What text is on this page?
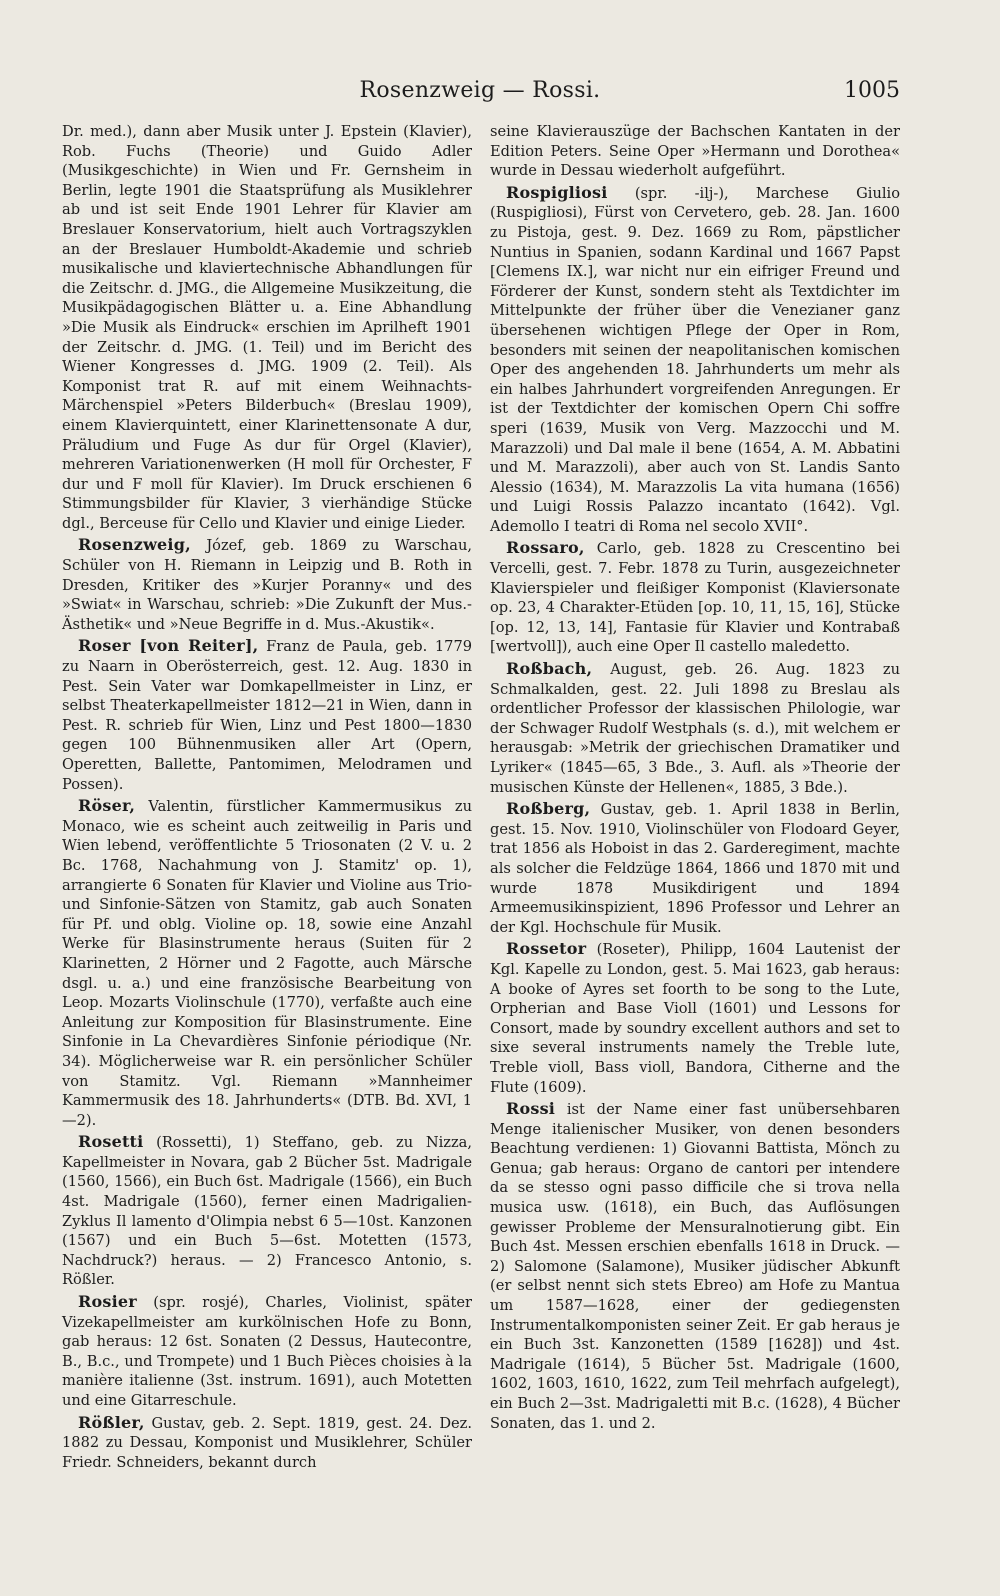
Rosenzweig — Rossi.	1005

Dr. med.), dann aber Musik unter J. Epstein (Klavier), Rob. Fuchs (Theorie) und Guido Adler (Musikgeschichte) in Wien und Fr. Gernsheim in Berlin, legte 1901 die Staatsprüfung als Musiklehrer ab und ist seit Ende 1901 Lehrer für Klavier am Breslauer Konservatorium, hielt auch Vortragszyklen an der Breslauer Humboldt-Akademie und schrieb musikalische und klaviertechnische Abhandlungen für die Zeitschr. d. JMG., die Allgemeine Musikzeitung, die Musikpädagogischen Blätter u. a. Eine Abhandlung »Die Musik als Eindruck« erschien im Aprilheft 1901 der Zeitschr. d. JMG. (1. Teil) und im Bericht des Wiener Kongresses d. JMG. 1909 (2. Teil). Als Komponist trat R. auf mit einem Weihnachts-Märchenspiel »Peters Bilderbuch« (Breslau 1909), einem Klavierquintett, einer Klarinettensonate A dur, Präludium und Fuge As dur für Orgel (Klavier), mehreren Variationenwerken (H moll für Orchester, F dur und F moll für Klavier). Im Druck erschienen 6 Stimmungsbilder für Klavier, 3 vierhändige Stücke dgl., Berceuse für Cello und Klavier und einige Lieder.

Rosenzweig, Józef, geb. 1869 zu Warschau, Schüler von H. Riemann in Leipzig und B. Roth in Dresden, Kritiker des »Kurjer Poranny« und des »Swiat« in Warschau, schrieb: »Die Zukunft der Mus.-Ästhetik« und »Neue Begriffe in d. Mus.-Akustik«.

Roser [von Reiter], Franz de Paula, geb. 1779 zu Naarn in Oberösterreich, gest. 12. Aug. 1830 in Pest. Sein Vater war Domkapellmeister in Linz, er selbst Theaterkapellmeister 1812—21 in Wien, dann in Pest. R. schrieb für Wien, Linz und Pest 1800—1830 gegen 100 Bühnenmusiken aller Art (Opern, Operetten, Ballette, Pantomimen, Melodramen und Possen).

Röser, Valentin, fürstlicher Kammermusikus zu Monaco, wie es scheint auch zeitweilig in Paris und Wien lebend, veröffentlichte 5 Triosonaten (2 V. u. 2 Bc. 1768, Nachahmung von J. Stamitz' op. 1), arrangierte 6 Sonaten für Klavier und Violine aus Trio- und Sinfonie-Sätzen von Stamitz, gab auch Sonaten für Pf. und oblg. Violine op. 18, sowie eine Anzahl Werke für Blasinstrumente heraus (Suiten für 2 Klarinetten, 2 Hörner und 2 Fagotte, auch Märsche dsgl. u. a.) und eine französische Bearbeitung von Leop. Mozarts Violinschule (1770), verfaßte auch eine Anleitung zur Komposition für Blasinstrumente. Eine Sinfonie in La Chevardières Sinfonie périodique (Nr. 34). Möglicherweise war R. ein persönlicher Schüler von Stamitz. Vgl. Riemann »Mannheimer Kammermusik des 18. Jahrhunderts« (DTB. Bd. XVI, 1—2).

Rosetti (Rossetti), 1) Steffano, geb. zu Nizza, Kapellmeister in Novara, gab 2 Bücher 5st. Madrigale (1560, 1566), ein Buch 6st. Madrigale (1566), ein Buch 4st. Madrigale (1560), ferner einen Madrigalien-Zyklus Il lamento d'Olimpia nebst 6 5—10st. Kanzonen (1567) und ein Buch 5—6st. Motetten (1573, Nachdruck?) heraus. — 2) Francesco Antonio, s. Rößler.

Rosier (spr. rosjé), Charles, Violinist, später Vizekapellmeister am kurkölnischen Hofe zu Bonn, gab heraus: 12 6st. Sonaten (2 Dessus, Hautecontre, B., B.c., und Trompete) und 1 Buch Pièces choisies à la manière italienne (3st. instrum. 1691), auch Motetten und eine Gitarreschule.

Rößler, Gustav, geb. 2. Sept. 1819, gest. 24. Dez. 1882 zu Dessau, Komponist und Musiklehrer, Schüler Friedr. Schneiders, bekannt durch

seine Klavierauszüge der Bachschen Kantaten in der Edition Peters. Seine Oper »Hermann und Dorothea« wurde in Dessau wiederholt aufgeführt.

Rospigliosi (spr. -ilj-), Marchese Giulio (Ruspigliosi), Fürst von Cervetero, geb. 28. Jan. 1600 zu Pistoja, gest. 9. Dez. 1669 zu Rom, päpstlicher Nuntius in Spanien, sodann Kardinal und 1667 Papst [Clemens IX.], war nicht nur ein eifriger Freund und Förderer der Kunst, sondern steht als Textdichter im Mittelpunkte der früher über die Venezianer ganz übersehenen wichtigen Pflege der Oper in Rom, besonders mit seinen der neapolitanischen komischen Oper des angehenden 18. Jahrhunderts um mehr als ein halbes Jahrhundert vorgreifenden Anregungen. Er ist der Textdichter der komischen Opern Chi soffre speri (1639, Musik von Verg. Mazzocchi und M. Marazzoli) und Dal male il bene (1654, A. M. Abbatini und M. Marazzoli), aber auch von St. Landis Santo Alessio (1634), M. Marazzolis La vita humana (1656) und Luigi Rossis Palazzo incantato (1642). Vgl. Ademollo I teatri di Roma nel secolo XVII°.

Rossaro, Carlo, geb. 1828 zu Crescentino bei Vercelli, gest. 7. Febr. 1878 zu Turin, ausgezeichneter Klavierspieler und fleißiger Komponist (Klaviersonate op. 23, 4 Charakter-Etüden [op. 10, 11, 15, 16], Stücke [op. 12, 13, 14], Fantasie für Klavier und Kontrabaß [wertvoll]), auch eine Oper Il castello maledetto.

Roßbach, August, geb. 26. Aug. 1823 zu Schmalkalden, gest. 22. Juli 1898 zu Breslau als ordentlicher Professor der klassischen Philologie, war der Schwager Rudolf Westphals (s. d.), mit welchem er herausgab: »Metrik der griechischen Dramatiker und Lyriker« (1845—65, 3 Bde., 3. Aufl. als »Theorie der musischen Künste der Hellenen«, 1885, 3 Bde.).

Roßberg, Gustav, geb. 1. April 1838 in Berlin, gest. 15. Nov. 1910, Violinschüler von Flodoard Geyer, trat 1856 als Hoboist in das 2. Garderegiment, machte als solcher die Feldzüge 1864, 1866 und 1870 mit und wurde 1878 Musikdirigent und 1894 Armeemusikinspizient, 1896 Professor und Lehrer an der Kgl. Hochschule für Musik.

Rossetor (Roseter), Philipp, 1604 Lautenist der Kgl. Kapelle zu London, gest. 5. Mai 1623, gab heraus: A booke of Ayres set foorth to be song to the Lute, Orpherian and Base Violl (1601) und Lessons for Consort, made by soundry excellent authors and set to sixe several instruments namely the Treble lute, Treble violl, Bass violl, Bandora, Citherne and the Flute (1609).

Rossi ist der Name einer fast unübersehbaren Menge italienischer Musiker, von denen besonders Beachtung verdienen: 1) Giovanni Battista, Mönch zu Genua; gab heraus: Organo de cantori per intendere da se stesso ogni passo difficile che si trova nella musica usw. (1618), ein Buch, das Auflösungen gewisser Probleme der Mensuralnotierung gibt. Ein Buch 4st. Messen erschien ebenfalls 1618 in Druck. — 2) Salomone (Salamone), Musiker jüdischer Abkunft (er selbst nennt sich stets Ebreo) am Hofe zu Mantua um 1587—1628, einer der gediegensten Instrumentalkomponisten seiner Zeit. Er gab heraus je ein Buch 3st. Kanzonetten (1589 [1628]) und 4st. Madrigale (1614), 5 Bücher 5st. Madrigale (1600, 1602, 1603, 1610, 1622, zum Teil mehrfach aufgelegt), ein Buch 2—3st. Madrigaletti mit B.c. (1628), 4 Bücher Sonaten, das 1. und 2.
